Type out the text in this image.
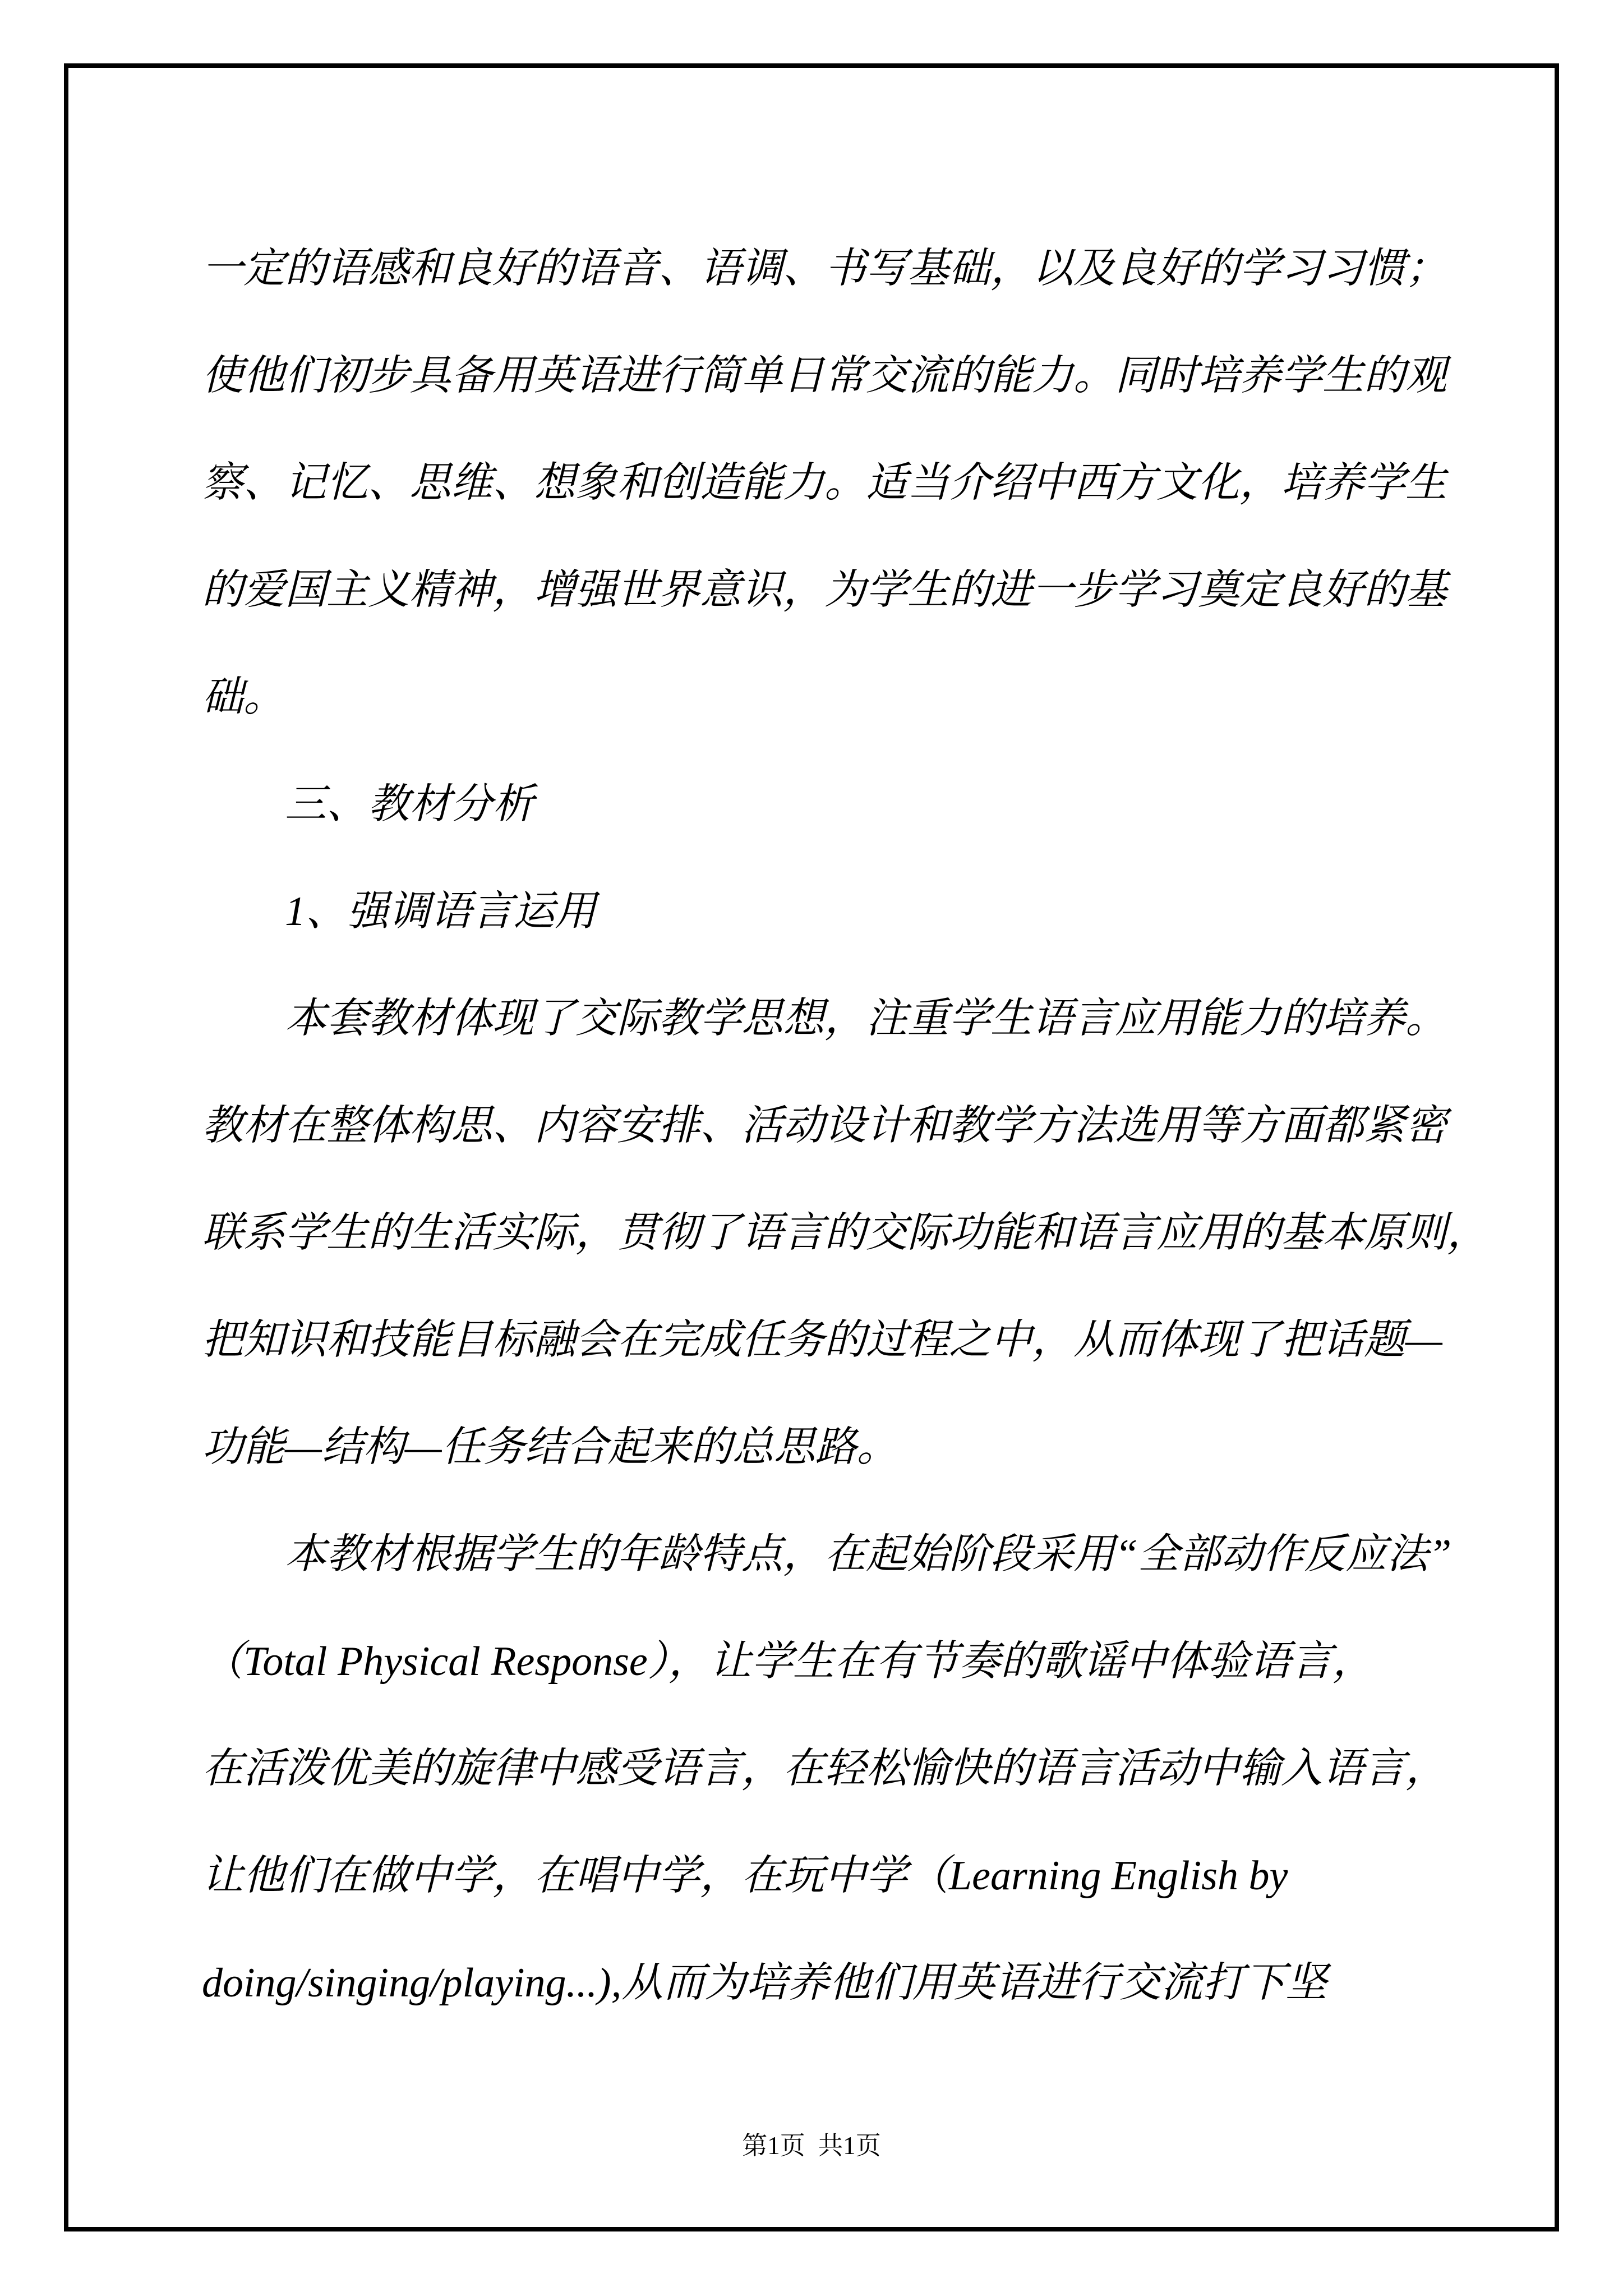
一定的语感和良好的语音、语调、书写基础，以及良好的学习习惯；
使他们初步具备用英语进行简单日常交流的能力。同时培养学生的观
察、记忆、思维、想象和创造能力。适当介绍中西方文化，培养学生
的爱国主义精神，增强世界意识，为学生的进一步学习奠定良好的基
础。
三、教材分析
1、强调语言运用
本套教材体现了交际教学思想，注重学生语言应用能力的培养。
教材在整体构思、内容安排、活动设计和教学方法选用等方面都紧密
联系学生的生活实际，贯彻了语言的交际功能和语言应用的基本原则，
把知识和技能目标融会在完成任务的过程之中，从而体现了把话题—
功能—结构—任务结合起来的总思路。
本教材根据学生的年龄特点，在起始阶段采用“全部动作反应法”
（Total Physical Response），让学生在有节奏的歌谣中体验语言，
在活泼优美的旋律中感受语言，在轻松愉快的语言活动中输入语言，
让他们在做中学，在唱中学，在玩中学（Learning English by
doing/singing/playing...),从而为培养他们用英语进行交流打下坚
第1页  共1页
